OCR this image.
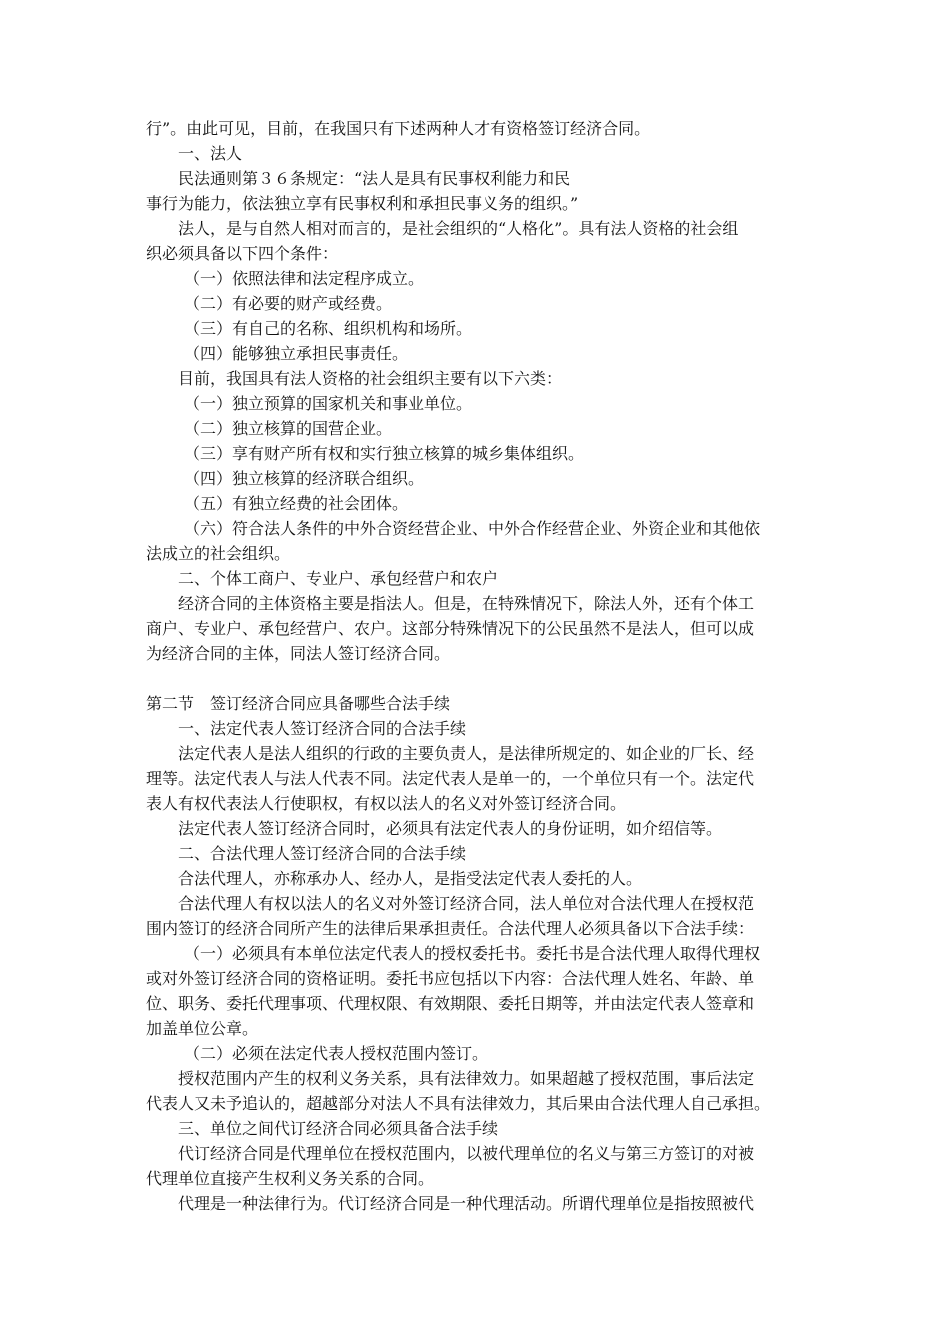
行”。由此可见，目前，在我国只有下述两种人才有资格签订经济合同。
一、法人
民法通则第３６条规定：“法人是具有民事权利能力和民
事行为能力，依法独立享有民事权利和承担民事义务的组织。”
法人，是与自然人相对而言的，是社会组织的“人格化”。具有法人资格的社会组
织必须具备以下四个条件：
（一）依照法律和法定程序成立。
（二）有必要的财产或经费。
（三）有自己的名称、组织机构和场所。
（四）能够独立承担民事责任。
目前，我国具有法人资格的社会组织主要有以下六类：
（一）独立预算的国家机关和事业单位。
（二）独立核算的国营企业。
（三）享有财产所有权和实行独立核算的城乡集体组织。
（四）独立核算的经济联合组织。
（五）有独立经费的社会团体。
（六）符合法人条件的中外合资经营企业、中外合作经营企业、外资企业和其他依
法成立的社会组织。
二、个体工商户、专业户、承包经营户和农户
经济合同的主体资格主要是指法人。但是，在特殊情况下，除法人外，还有个体工
商户、专业户、承包经营户、农户。这部分特殊情况下的公民虽然不是法人，但可以成
为经济合同的主体，同法人签订经济合同。
第二节　签订经济合同应具备哪些合法手续
一、法定代表人签订经济合同的合法手续
法定代表人是法人组织的行政的主要负责人，是法律所规定的、如企业的厂长、经
理等。法定代表人与法人代表不同。法定代表人是单一的，一个单位只有一个。法定代
表人有权代表法人行使职权，有权以法人的名义对外签订经济合同。
法定代表人签订经济合同时，必须具有法定代表人的身份证明，如介绍信等。
二、合法代理人签订经济合同的合法手续
合法代理人，亦称承办人、经办人，是指受法定代表人委托的人。
合法代理人有权以法人的名义对外签订经济合同，法人单位对合法代理人在授权范
围内签订的经济合同所产生的法律后果承担责任。合法代理人必须具备以下合法手续：
（一）必须具有本单位法定代表人的授权委托书。委托书是合法代理人取得代理权
或对外签订经济合同的资格证明。委托书应包括以下内容：合法代理人姓名、年龄、单
位、职务、委托代理事项、代理权限、有效期限、委托日期等，并由法定代表人签章和
加盖单位公章。
（二）必须在法定代表人授权范围内签订。
授权范围内产生的权利义务关系，具有法律效力。如果超越了授权范围，事后法定
代表人又未予追认的，超越部分对法人不具有法律效力，其后果由合法代理人自己承担。
三、单位之间代订经济合同必须具备合法手续
代订经济合同是代理单位在授权范围内，以被代理单位的名义与第三方签订的对被
代理单位直接产生权利义务关系的合同。
代理是一种法律行为。代订经济合同是一种代理活动。所谓代理单位是指按照被代
